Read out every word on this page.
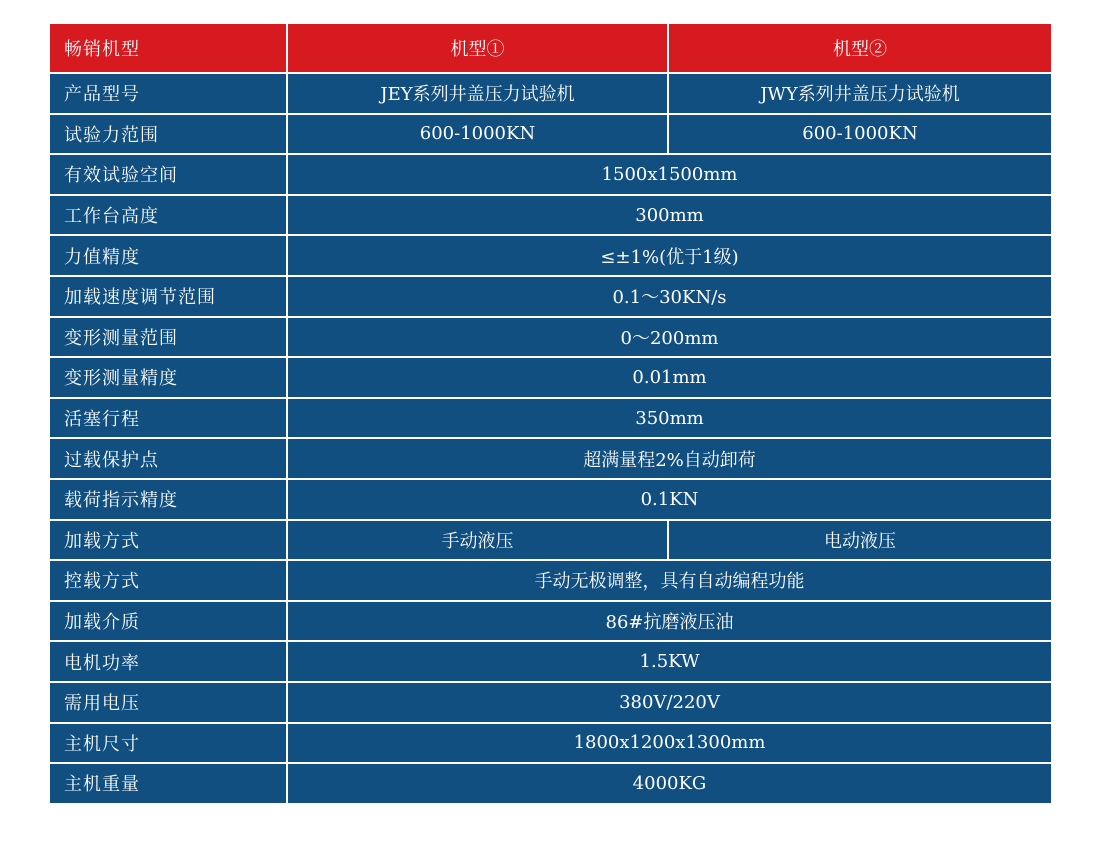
畅销机型	机型①	机型②
产品型号	JEY系列井盖压力试验机	JWY系列井盖压力试验机
试验力范围	600-1000KN	600-1000KN
有效试验空间	1500x1500mm	
工作台高度	300mm	
力值精度	≤±1%(优于1级)	
加载速度调节范围	0.1～30KN/s	
变形测量范围	0～200mm	
变形测量精度	0.01mm	
活塞行程	350mm	
过载保护点	超满量程2%自动卸荷	
载荷指示精度	0.1KN	
加载方式	手动液压	电动液压
控载方式	手动无极调整，具有自动编程功能	
加载介质	86#抗磨液压油	
电机功率	1.5KW	
需用电压	380V/220V	
主机尺寸	1800x1200x1300mm	
主机重量	4000KG	
